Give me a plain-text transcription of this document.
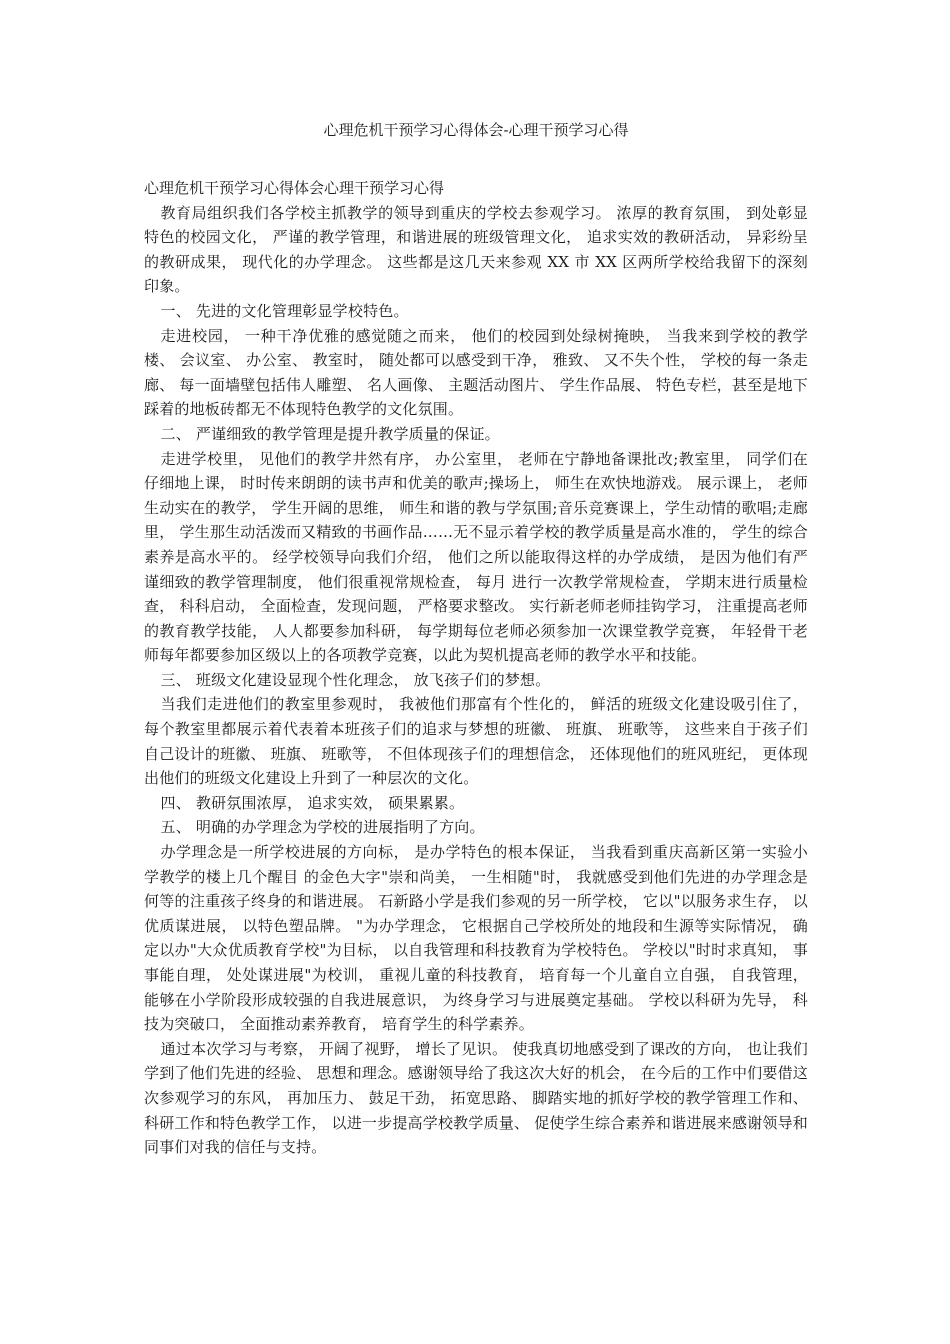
心理危机干预学习心得体会-心理干预学习心得

心理危机干预学习心得体会心理干预学习心得

教育局组织我们各学校主抓教学的领导到重庆的学校去参观学习。 浓厚的教育氛围， 到处彰显特色的校园文化， 严谨的教学管理，和谐进展的班级管理文化， 追求实效的教研活动， 异彩纷呈的教研成果， 现代化的办学理念。 这些都是这几天来参观 XX 市 XX 区两所学校给我留下的深刻印象。

一、 先进的文化管理彰显学校特色。

走进校园， 一种干净优雅的感觉随之而来， 他们的校园到处绿树掩映， 当我来到学校的教学楼、 会议室、 办公室、 教室时， 随处都可以感受到干净， 雅致、 又不失个性， 学校的每一条走廊、 每一面墙壁包括伟人雕塑、 名人画像、 主题活动图片、 学生作品展、 特色专栏，甚至是地下踩着的地板砖都无不体现特色教学的文化氛围。

二、 严谨细致的教学管理是提升教学质量的保证。

走进学校里， 见他们的教学井然有序， 办公室里， 老师在宁静地备课批改;教室里， 同学们在仔细地上课， 时时传来朗朗的读书声和优美的歌声;操场上， 师生在欢快地游戏。 展示课上， 老师生动实在的教学， 学生开阔的思维， 师生和谐的教与学氛围;音乐竞赛课上，学生动情的歌唱;走廊里， 学生那生动活泼而又精致的书画作品……无不显示着学校的教学质量是高水准的， 学生的综合素养是高水平的。 经学校领导向我们介绍， 他们之所以能取得这样的办学成绩， 是因为他们有严谨细致的教学管理制度， 他们很重视常规检查， 每月 进行一次教学常规检查， 学期末进行质量检查， 科科启动， 全面检查，发现问题， 严格要求整改。 实行新老师老师挂钩学习， 注重提高老师的教育教学技能， 人人都要参加科研， 每学期每位老师必须参加一次课堂教学竞赛， 年轻骨干老师每年都要参加区级以上的各项教学竞赛，以此为契机提高老师的教学水平和技能。

三、 班级文化建设显现个性化理念， 放飞孩子们的梦想。

当我们走进他们的教室里参观时， 我被他们那富有个性化的， 鲜活的班级文化建设吸引住了， 每个教室里都展示着代表着本班孩子们的追求与梦想的班徽、 班旗、 班歌等， 这些来自于孩子们自己设计的班徽、 班旗、 班歌等， 不但体现孩子们的理想信念， 还体现他们的班风班纪， 更体现出他们的班级文化建设上升到了一种层次的文化。

四、 教研氛围浓厚， 追求实效， 硕果累累。

五、 明确的办学理念为学校的进展指明了方向。

办学理念是一所学校进展的方向标， 是办学特色的根本保证， 当我看到重庆高新区第一实验小学教学的楼上几个醒目 的金色大字"崇和尚美， 一生相随"时， 我就感受到他们先进的办学理念是何等的注重孩子终身的和谐进展。 石新路小学是我们参观的另一所学校， 它以"以服务求生存， 以优质谋进展， 以特色塑品牌。 "为办学理念， 它根据自己学校所处的地段和生源等实际情况， 确定以办"大众优质教育学校"为目标， 以自我管理和科技教育为学校特色。 学校以"时时求真知， 事事能自理， 处处谋进展"为校训， 重视儿童的科技教育， 培育每一个儿童自立自强， 自我管理， 能够在小学阶段形成较强的自我进展意识， 为终身学习与进展奠定基础。 学校以科研为先导， 科技为突破口， 全面推动素养教育， 培育学生的科学素养。

通过本次学习与考察， 开阔了视野， 增长了见识。 使我真切地感受到了课改的方向， 也让我们学到了他们先进的经验、 思想和理念。感谢领导给了我这次大好的机会， 在今后的工作中们要借这次参观学习的东风， 再加压力、 鼓足干劲， 拓宽思路、 脚踏实地的抓好学校的教学管理工作和、 科研工作和特色教学工作， 以进一步提高学校教学质量、 促使学生综合素养和谐进展来感谢领导和同事们对我的信任与支持。
